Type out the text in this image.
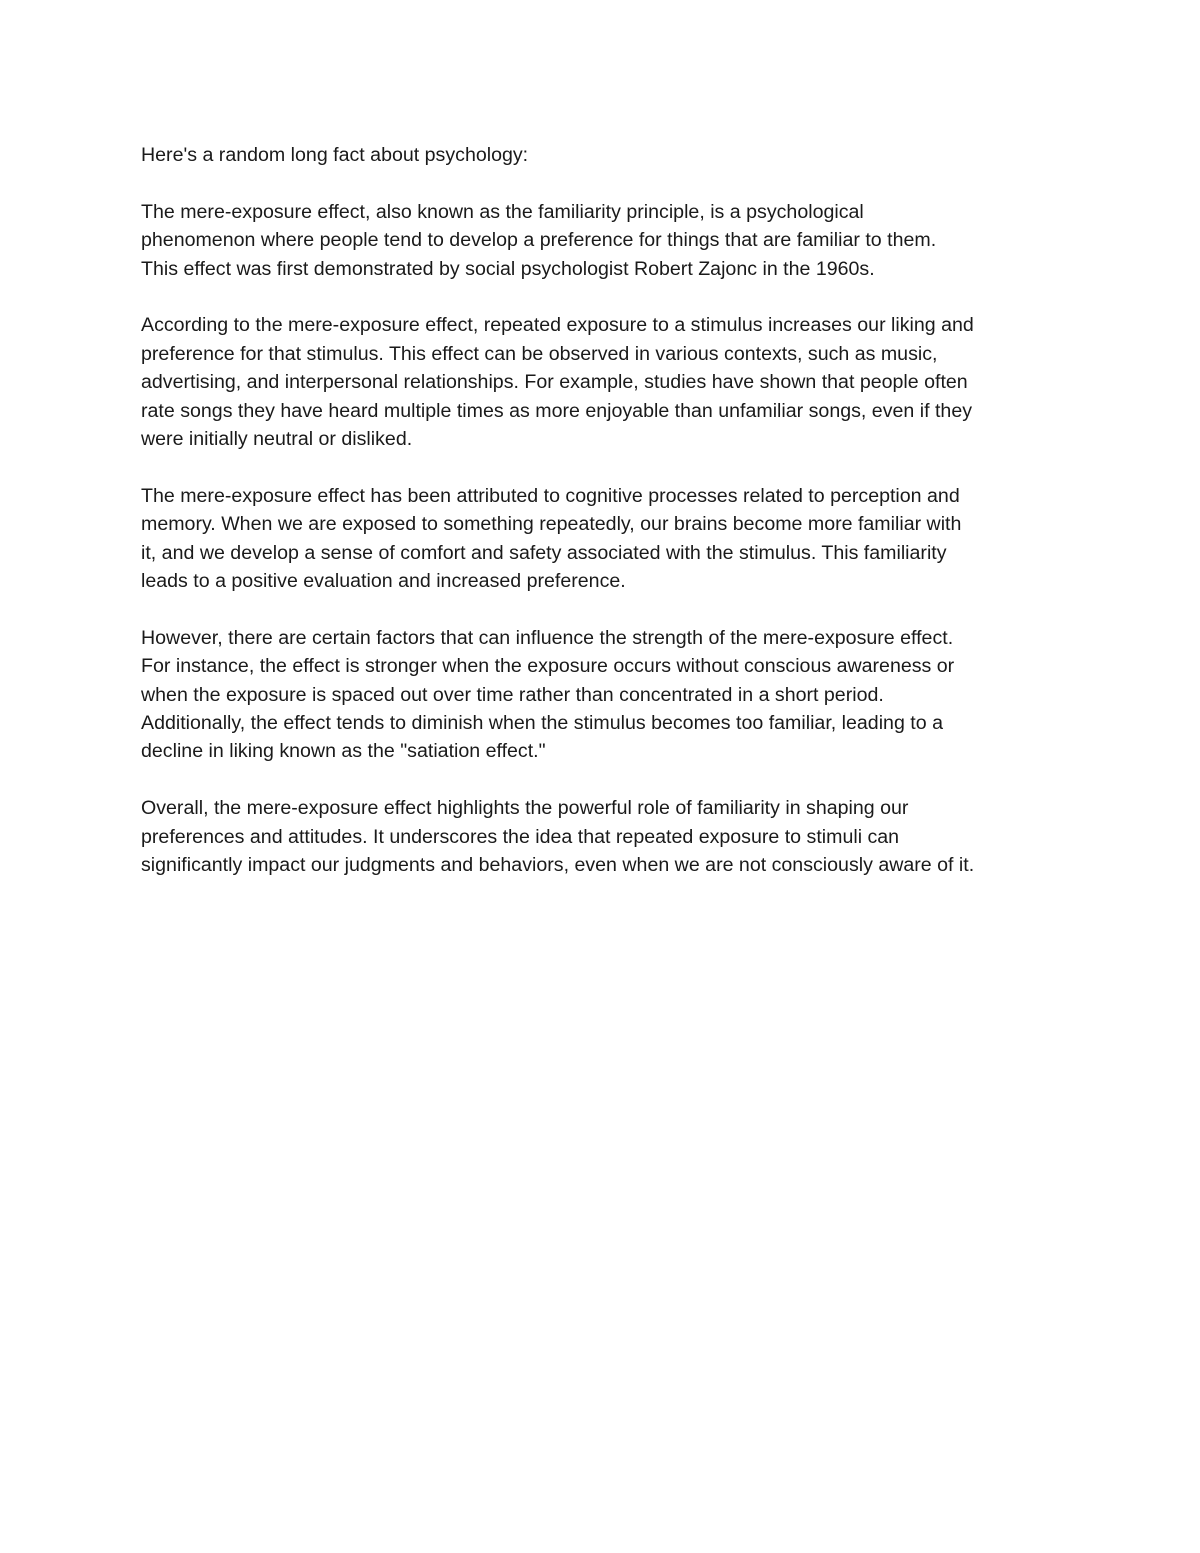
Here's a random long fact about psychology:

The mere-exposure effect, also known as the familiarity principle, is a psychological
phenomenon where people tend to develop a preference for things that are familiar to them.
This effect was first demonstrated by social psychologist Robert Zajonc in the 1960s.

According to the mere-exposure effect, repeated exposure to a stimulus increases our liking and
preference for that stimulus. This effect can be observed in various contexts, such as music,
advertising, and interpersonal relationships. For example, studies have shown that people often
rate songs they have heard multiple times as more enjoyable than unfamiliar songs, even if they
were initially neutral or disliked.

The mere-exposure effect has been attributed to cognitive processes related to perception and
memory. When we are exposed to something repeatedly, our brains become more familiar with
it, and we develop a sense of comfort and safety associated with the stimulus. This familiarity
leads to a positive evaluation and increased preference.

However, there are certain factors that can influence the strength of the mere-exposure effect.
For instance, the effect is stronger when the exposure occurs without conscious awareness or
when the exposure is spaced out over time rather than concentrated in a short period.
Additionally, the effect tends to diminish when the stimulus becomes too familiar, leading to a
decline in liking known as the "satiation effect."

Overall, the mere-exposure effect highlights the powerful role of familiarity in shaping our
preferences and attitudes. It underscores the idea that repeated exposure to stimuli can
significantly impact our judgments and behaviors, even when we are not consciously aware of it.
